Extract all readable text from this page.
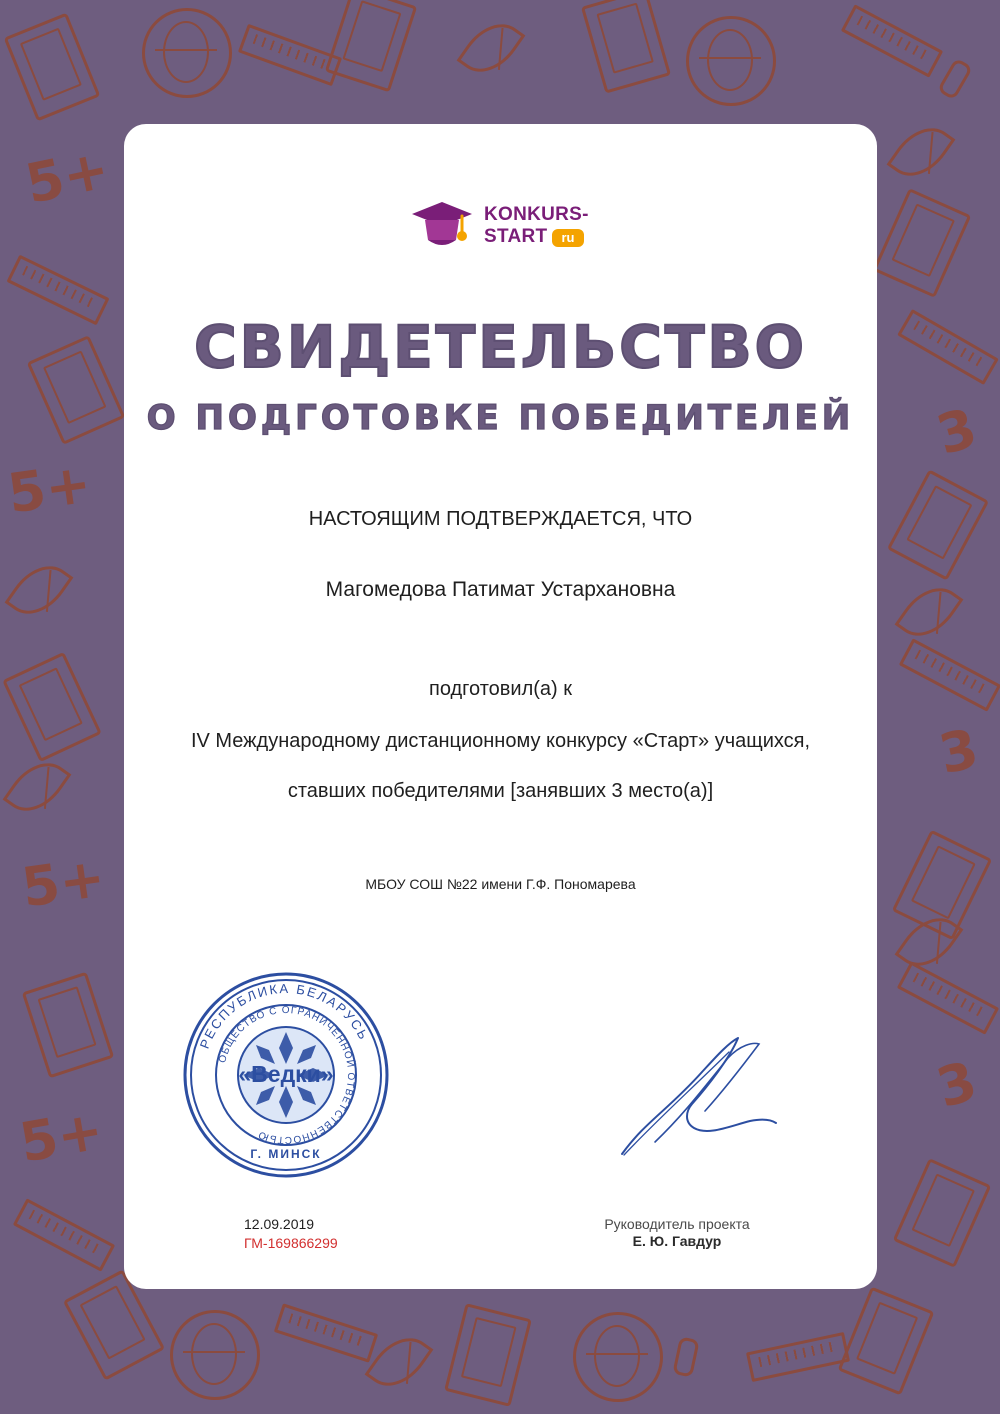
5+
5+
5+
5+
3
3
3
KONKURS-
START	ru
СВИДЕТЕЛЬСТВО
О ПОДГОТОВКЕ ПОБЕДИТЕЛЕЙ
НАСТОЯЩИМ ПОДТВЕРЖДАЕТСЯ, ЧТО
Магомедова Патимат Устархановна
подготовил(а) к
IV Международному дистанционному конкурсу «Старт» учащихся,
ставших победителями [занявших 3 место(а)]
МБОУ СОШ №22 имени Г.Ф. Пономарева
«Ведки»
РЕСПУБЛИКА БЕЛАРУСЬ
ОБЩЕСТВО С ОГРАНИЧЕННОЙ ОТВЕТСТВЕННОСТЬЮ
Г. МИНСК
12.09.2019
ГМ-169866299
Руководитель проекта
Е. Ю. Гавдур
